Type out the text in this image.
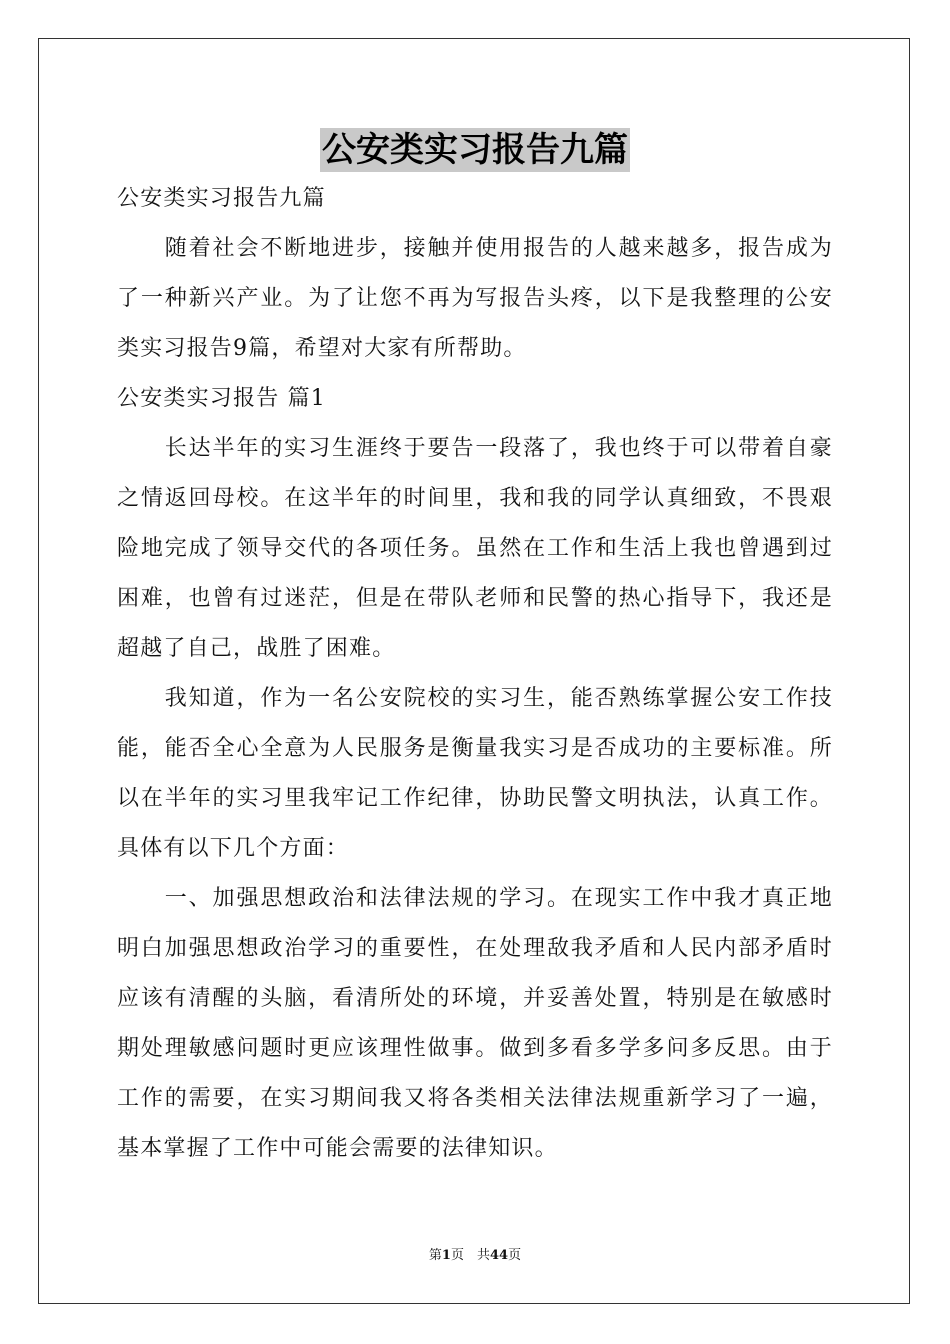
公安类实习报告九篇
公安类实习报告九篇
　　随着社会不断地进步，接触并使用报告的人越来越多，报告成为
了一种新兴产业。为了让您不再为写报告头疼，以下是我整理的公安
类实习报告9篇，希望对大家有所帮助。
公安类实习报告 篇1
　　长达半年的实习生涯终于要告一段落了，我也终于可以带着自豪
之情返回母校。在这半年的时间里，我和我的同学认真细致，不畏艰
险地完成了领导交代的各项任务。虽然在工作和生活上我也曾遇到过
困难，也曾有过迷茫，但是在带队老师和民警的热心指导下，我还是
超越了自己，战胜了困难。
　　我知道，作为一名公安院校的实习生，能否熟练掌握公安工作技
能，能否全心全意为人民服务是衡量我实习是否成功的主要标准。所
以在半年的实习里我牢记工作纪律，协助民警文明执法，认真工作。
具体有以下几个方面：
　　一、加强思想政治和法律法规的学习。在现实工作中我才真正地
明白加强思想政治学习的重要性，在处理敌我矛盾和人民内部矛盾时
应该有清醒的头脑，看清所处的环境，并妥善处置，特别是在敏感时
期处理敏感问题时更应该理性做事。做到多看多学多问多反思。由于
工作的需要，在实习期间我又将各类相关法律法规重新学习了一遍，
基本掌握了工作中可能会需要的法律知识。
第1页　共44页
